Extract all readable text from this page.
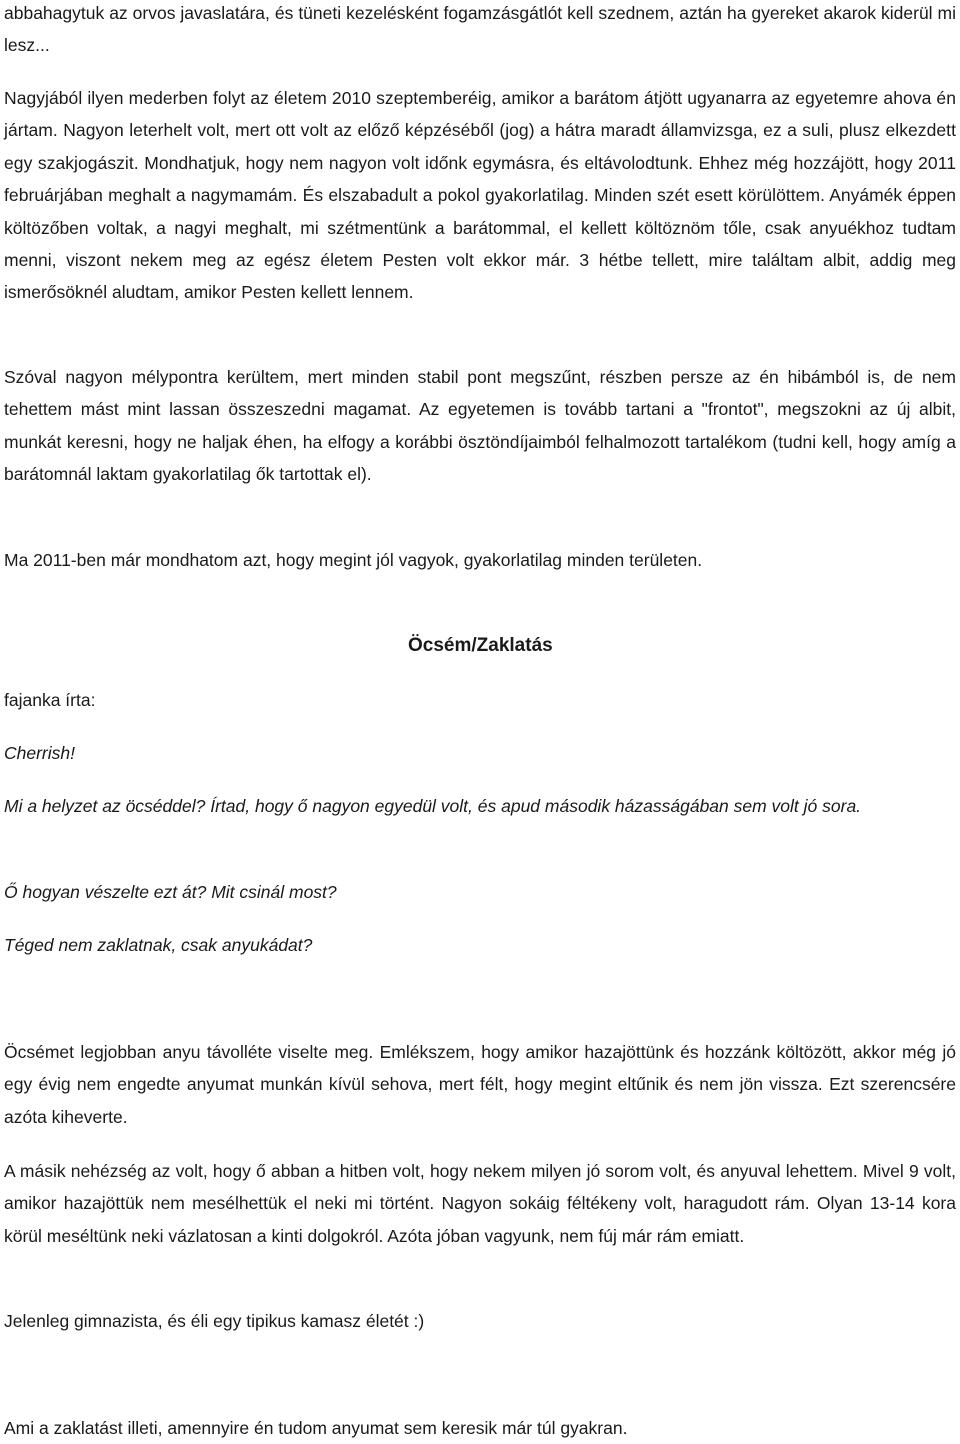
abbahagytuk az orvos javaslatára, és tüneti kezelésként fogamzásgátlót kell szednem, aztán ha gyereket akarok kiderül mi lesz...

Nagyjából ilyen mederben folyt az életem 2010 szeptemberéig, amikor a barátom átjött ugyanarra az egyetemre ahova én jártam. Nagyon leterhelt volt, mert ott volt az előző képzéséből (jog) a hátra maradt államvizsga, ez a suli, plusz elkezdett egy szakjogászit. Mondhatjuk, hogy nem nagyon volt időnk egymásra, és eltávolodtunk. Ehhez még hozzájött, hogy 2011 februárjában meghalt a nagymamám. És elszabadult a pokol gyakorlatilag. Minden szét esett körülöttem. Anyámék éppen költözőben voltak, a nagyi meghalt, mi szétmentünk a barátommal, el kellett költöznöm tőle, csak anyuékhoz tudtam menni, viszont nekem meg az egész életem Pesten volt ekkor már. 3 hétbe tellett, mire találtam albit, addig meg ismerősöknél aludtam, amikor Pesten kellett lennem.

Szóval nagyon mélypontra kerültem, mert minden stabil pont megszűnt, részben persze az én hibámból is, de nem tehettem mást mint lassan összeszedni magamat. Az egyetemen is tovább tartani a "frontot", megszokni az új albit, munkát keresni, hogy ne haljak éhen, ha elfogy a korábbi ösztöndíjaimból felhalmozott tartalékom (tudni kell, hogy amíg a barátomnál laktam gyakorlatilag ők tartottak el).

Ma 2011-ben már mondhatom azt, hogy megint jól vagyok, gyakorlatilag minden területen.

Öcsém/Zaklatás
fajanka írta:
Cherrish!

Mi a helyzet az öcséddel? Írtad, hogy ő nagyon egyedül volt, és apud második házasságában sem volt jó sora.

Ő hogyan vészelte ezt át? Mit csinál most?
Téged nem zaklatnak, csak anyukádat?

Öcsémet legjobban anyu távolléte viselte meg. Emlékszem, hogy amikor hazajöttünk és hozzánk költözött, akkor még jó egy évig nem engedte anyumat munkán kívül sehova, mert félt, hogy megint eltűnik és nem jön vissza. Ezt szerencsére azóta kiheverte.

A másik nehézség az volt, hogy ő abban a hitben volt, hogy nekem milyen jó sorom volt, és anyuval lehettem. Mivel 9 volt, amikor hazajöttük nem mesélhettük el neki mi történt. Nagyon sokáig féltékeny volt, haragudott rám. Olyan 13-14 kora körül meséltünk neki vázlatosan a kinti dolgokról. Azóta jóban vagyunk, nem fúj már rám emiatt.

Jelenleg gimnazista, és éli egy tipikus kamasz életét :)
Ami a zaklatást illeti, amennyire én tudom anyumat sem keresik már túl gyakran.
